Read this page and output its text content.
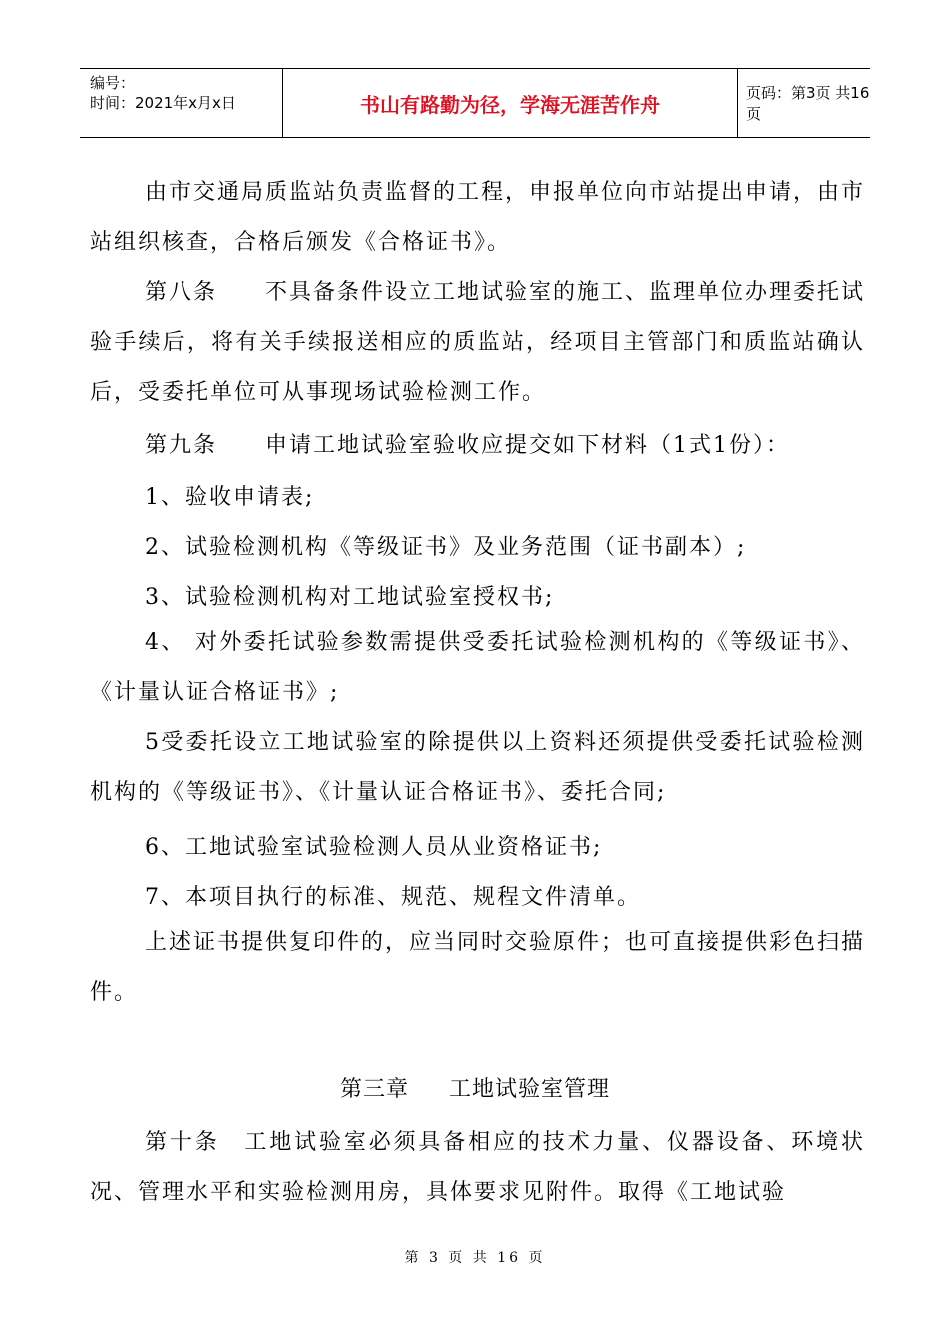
编号：
时间：2021年x月x日	书山有路勤为径，学海无涯苦作舟	页码：第3页 共16页

由市交通局质监站负责监督的工程，申报单位向市站提出申请，由市站组织核查，合格后颁发《合格证书》。

第八条　　不具备条件设立工地试验室的施工、监理单位办理委托试验手续后，将有关手续报送相应的质监站，经项目主管部门和质监站确认后，受委托单位可从事现场试验检测工作。

第九条　　申请工地试验室验收应提交如下材料（1式1份）：
1、验收申请表;
2、试验检测机构《等级证书》及业务范围（证书副本）;
3、试验检测机构对工地试验室授权书;

4、 对外委托试验参数需提供受委托试验检测机构的《等级证书》、《计量认证合格证书》;

5受委托设立工地试验室的除提供以上资料还须提供受委托试验检测机构的《等级证书》、《计量认证合格证书》、委托合同;

6、工地试验室试验检测人员从业资格证书;
7、本项目执行的标准、规范、规程文件清单。

上述证书提供复印件的，应当同时交验原件；也可直接提供彩色扫描件。

第三章 工地试验室管理

第十条　工地试验室必须具备相应的技术力量、仪器设备、环境状况、管理水平和实验检测用房，具体要求见附件。取得《工地试验

第 3 页 共 16 页
